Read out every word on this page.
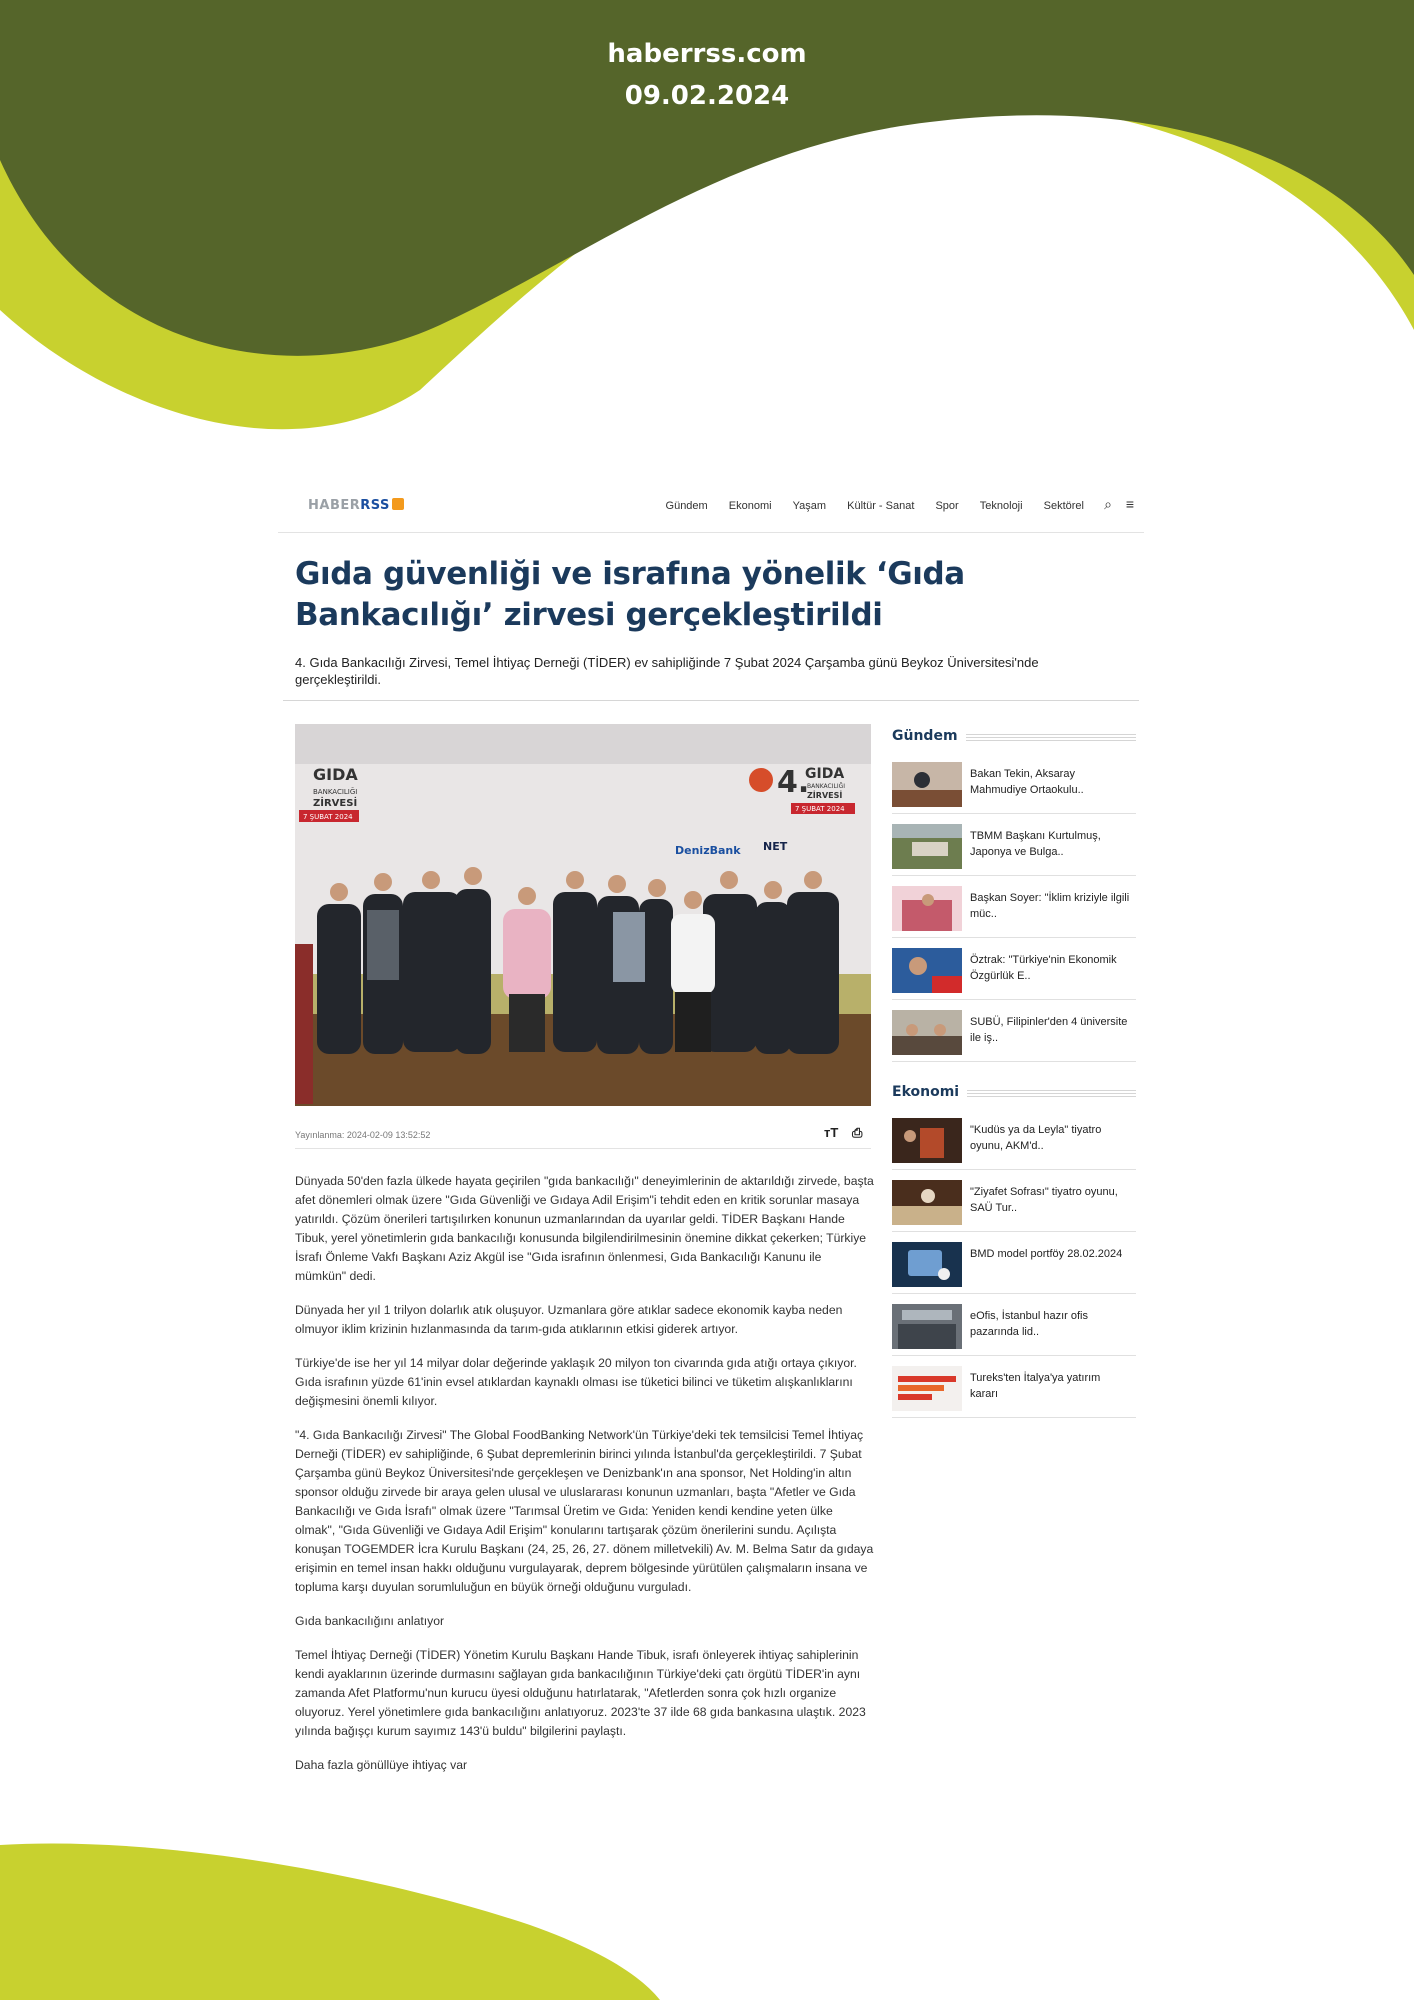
haberrss.com
09.02.2024
HABERRSS	Gündem Ekonomi Yaşam Kültür - Sanat Spor Teknoloji Sektörel	⌕ ≡
Gıda güvenliği ve israfına yönelik ‘Gıda Bankacılığı’ zirvesi gerçekleştirildi
4. Gıda Bankacılığı Zirvesi, Temel İhtiyaç Derneği (TİDER) ev sahipliğinde 7 Şubat 2024 Çarşamba günü Beykoz Üniversitesi'nde gerçekleştirildi.
GIDA
BANKACILIĞI
ZİRVESİ
7 ŞUBAT 2024
4.
GIDA
BANKACILIĞI
ZİRVESİ
7 ŞUBAT 2024
DenizBank NET
Yayınlanma: 2024-02-09 13:52:52	ᴛT ⎙

Dünyada 50'den fazla ülkede hayata geçirilen "gıda bankacılığı" deneyimlerinin de aktarıldığı zirvede, başta afet dönemleri olmak üzere "Gıda Güvenliği ve Gıdaya Adil Erişim"i tehdit eden en kritik sorunlar masaya yatırıldı. Çözüm önerileri tartışılırken konunun uzmanlarından da uyarılar geldi. TİDER Başkanı Hande Tibuk, yerel yönetimlerin gıda bankacılığı konusunda bilgilendirilmesinin önemine dikkat çekerken; Türkiye İsrafı Önleme Vakfı Başkanı Aziz Akgül ise "Gıda israfının önlenmesi, Gıda Bankacılığı Kanunu ile mümkün" dedi.

Dünyada her yıl 1 trilyon dolarlık atık oluşuyor. Uzmanlara göre atıklar sadece ekonomik kayba neden olmuyor iklim krizinin hızlanmasında da tarım-gıda atıklarının etkisi giderek artıyor.

Türkiye'de ise her yıl 14 milyar dolar değerinde yaklaşık 20 milyon ton civarında gıda atığı ortaya çıkıyor. Gıda israfının yüzde 61'inin evsel atıklardan kaynaklı olması ise tüketici bilinci ve tüketim alışkanlıklarını değişmesini önemli kılıyor.

"4. Gıda Bankacılığı Zirvesi" The Global FoodBanking Network'ün Türkiye'deki tek temsilcisi Temel İhtiyaç Derneği (TİDER) ev sahipliğinde, 6 Şubat depremlerinin birinci yılında İstanbul'da gerçekleştirildi. 7 Şubat Çarşamba günü Beykoz Üniversitesi'nde gerçekleşen ve Denizbank'ın ana sponsor, Net Holding'in altın sponsor olduğu zirvede bir araya gelen ulusal ve uluslararası konunun uzmanları, başta "Afetler ve Gıda Bankacılığı ve Gıda İsrafı" olmak üzere "Tarımsal Üretim ve Gıda: Yeniden kendi kendine yeten ülke olmak", "Gıda Güvenliği ve Gıdaya Adil Erişim" konularını tartışarak çözüm önerilerini sundu. Açılışta konuşan TOGEMDER İcra Kurulu Başkanı (24, 25, 26, 27. dönem milletvekili) Av. M. Belma Satır da gıdaya erişimin en temel insan hakkı olduğunu vurgulayarak, deprem bölgesinde yürütülen çalışmaların insana ve topluma karşı duyulan sorumluluğun en büyük örneği olduğunu vurguladı.

Gıda bankacılığını anlatıyor

Temel İhtiyaç Derneği (TİDER) Yönetim Kurulu Başkanı Hande Tibuk, israfı önleyerek ihtiyaç sahiplerinin kendi ayaklarının üzerinde durmasını sağlayan gıda bankacılığının Türkiye'deki çatı örgütü TİDER'in aynı zamanda Afet Platformu'nun kurucu üyesi olduğunu hatırlatarak, "Afetlerden sonra çok hızlı organize oluyoruz. Yerel yönetimlere gıda bankacılığını anlatıyoruz. 2023'te 37 ilde 68 gıda bankasına ulaştık. 2023 yılında bağışçı kurum sayımız 143'ü buldu" bilgilerini paylaştı.

Daha fazla gönüllüye ihtiyaç var

Gündem
Bakan Tekin, Aksaray Mahmudiye Ortaokulu..
TBMM Başkanı Kurtulmuş, Japonya ve Bulga..
Başkan Soyer: "İklim kriziyle ilgili müc..
Öztrak: "Türkiye'nin Ekonomik Özgürlük E..
SUBÜ, Filipinler'den 4 üniversite ile iş..
Ekonomi
"Kudüs ya da Leyla" tiyatro oyunu, AKM'd..
"Ziyafet Sofrası" tiyatro oyunu, SAÜ Tur..
BMD model portföy 28.02.2024
eOfis, İstanbul hazır ofis pazarında lid..
Tureks'ten İtalya'ya yatırım kararı
